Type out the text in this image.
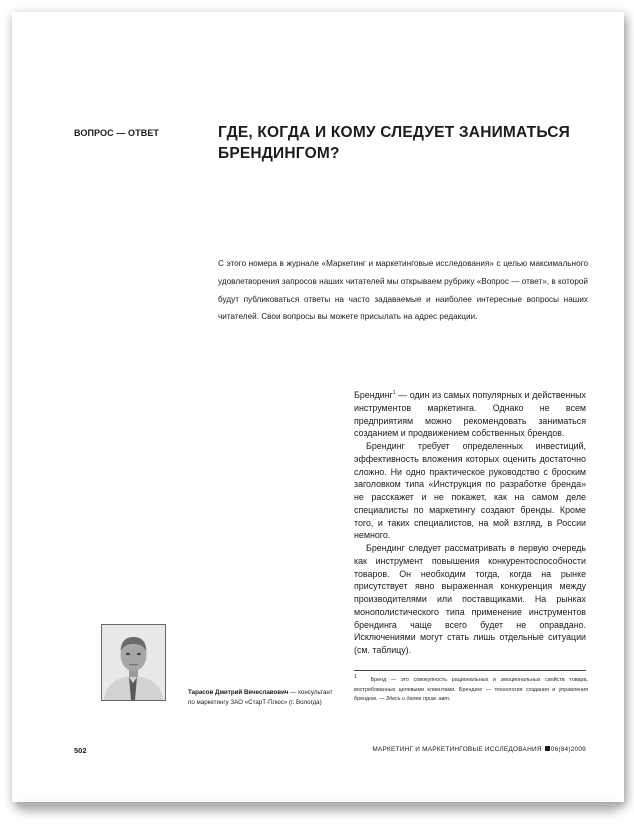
ВОПРОС — ОТВЕТ	ГДЕ, КОГДА И КОМУ СЛЕДУЕТ ЗАНИМАТЬСЯ
БРЕНДИНГОМ?
С этого номера в журнале «Маркетинг и маркетинговые исследования» с целью максимального удовлетворения запросов наших читателей мы открываем рубрику «Вопрос — ответ», в которой будут публиковаться ответы на часто задаваемые и наиболее интересные вопросы наших читателей. Свои вопросы вы можете присылать на адрес редакции.

Брендинг$^1$ — один из самых популярных и действенных инструментов маркетинга. Однако не всем предприятиям можно рекомендовать заниматься созданием и продвижением собственных брендов.

Брендинг требует определенных инвестиций, эффективность вложения которых оценить достаточно сложно. Ни одно практическое руководство с броским заголовком типа «Инструкция по разработке бренда» не расскажет и не покажет, как на самом деле специалисты по маркетингу создают бренды. Кроме того, и таких специалистов, на мой взгляд, в России немного.

Брендинг следует рассматривать в первую очередь как инструмент повышения конкурентоспособности товаров. Он необходим тогда, когда на рынке присутствует явно выраженная конкуренция между производителями или поставщиками. На рынках монополистического типа применение инструментов брендинга чаще всего будет не оправдано. Исключениями могут стать лишь отдельные ситуации (см. таблицу).

Тарасов Дмитрий Вячеславович — консультант по маркетингу ЗАО «СтарТ-Плюс» (г. Вологда)
$^1$	Бренд — это совокупность рациональных и эмоциональных свойств товара, востребованных целевыми клиентами. Брендинг — технология создания и управления брендом. — Здесь и далее прим. авт.
502	МАРКЕТИНГ И МАРКЕТИНГОВЫЕ ИССЛЕДОВАНИЯ 06(84)2009
